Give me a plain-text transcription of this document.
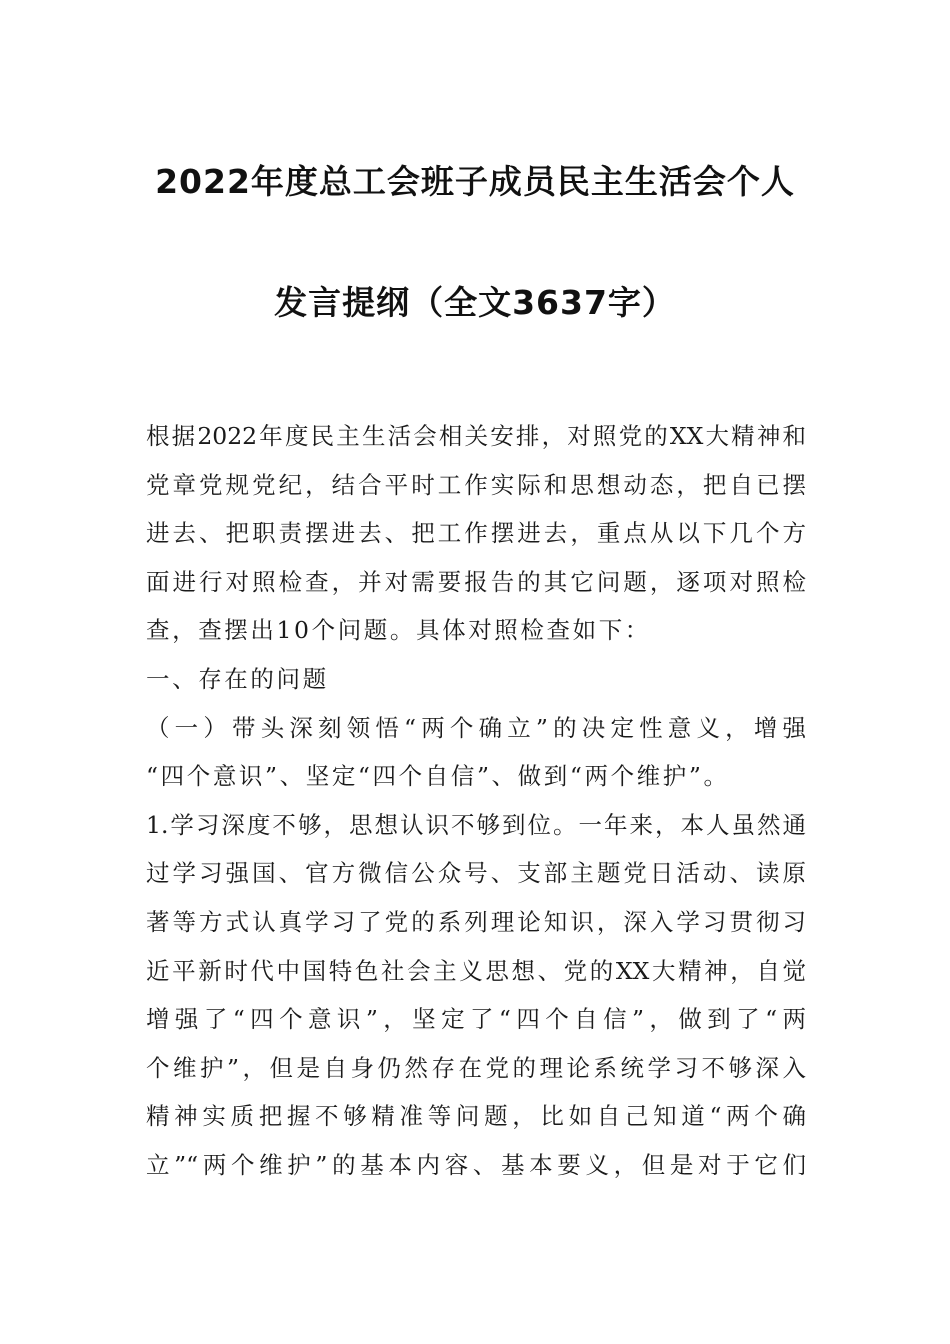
2022年度总工会班子成员民主生活会个人
发言提纲（全文3637字）
根据2022年度民主生活会相关安排，对照党的XX大精神和
党章党规党纪，结合平时工作实际和思想动态，把自已摆
进去、把职责摆进去、把工作摆进去，重点从以下几个方
面进行对照检查，并对需要报告的其它问题，逐项对照检
查，查摆出10个问题。具体对照检查如下：
一、存在的问题
（一）带头深刻领悟“两个确立”的决定性意义，增强
“四个意识”、坚定“四个自信”、做到“两个维护”。
1.学习深度不够，思想认识不够到位。一年来，本人虽然通
过学习强国、官方微信公众号、支部主题党日活动、读原
著等方式认真学习了党的系列理论知识，深入学习贯彻习
近平新时代中国特色社会主义思想、党的XX大精神，自觉
增强了“四个意识”，坚定了“四个自信”，做到了“两
个维护”，但是自身仍然存在党的理论系统学习不够深入
精神实质把握不够精准等问题，比如自己知道“两个确
立”“两个维护”的基本内容、基本要义，但是对于它们
